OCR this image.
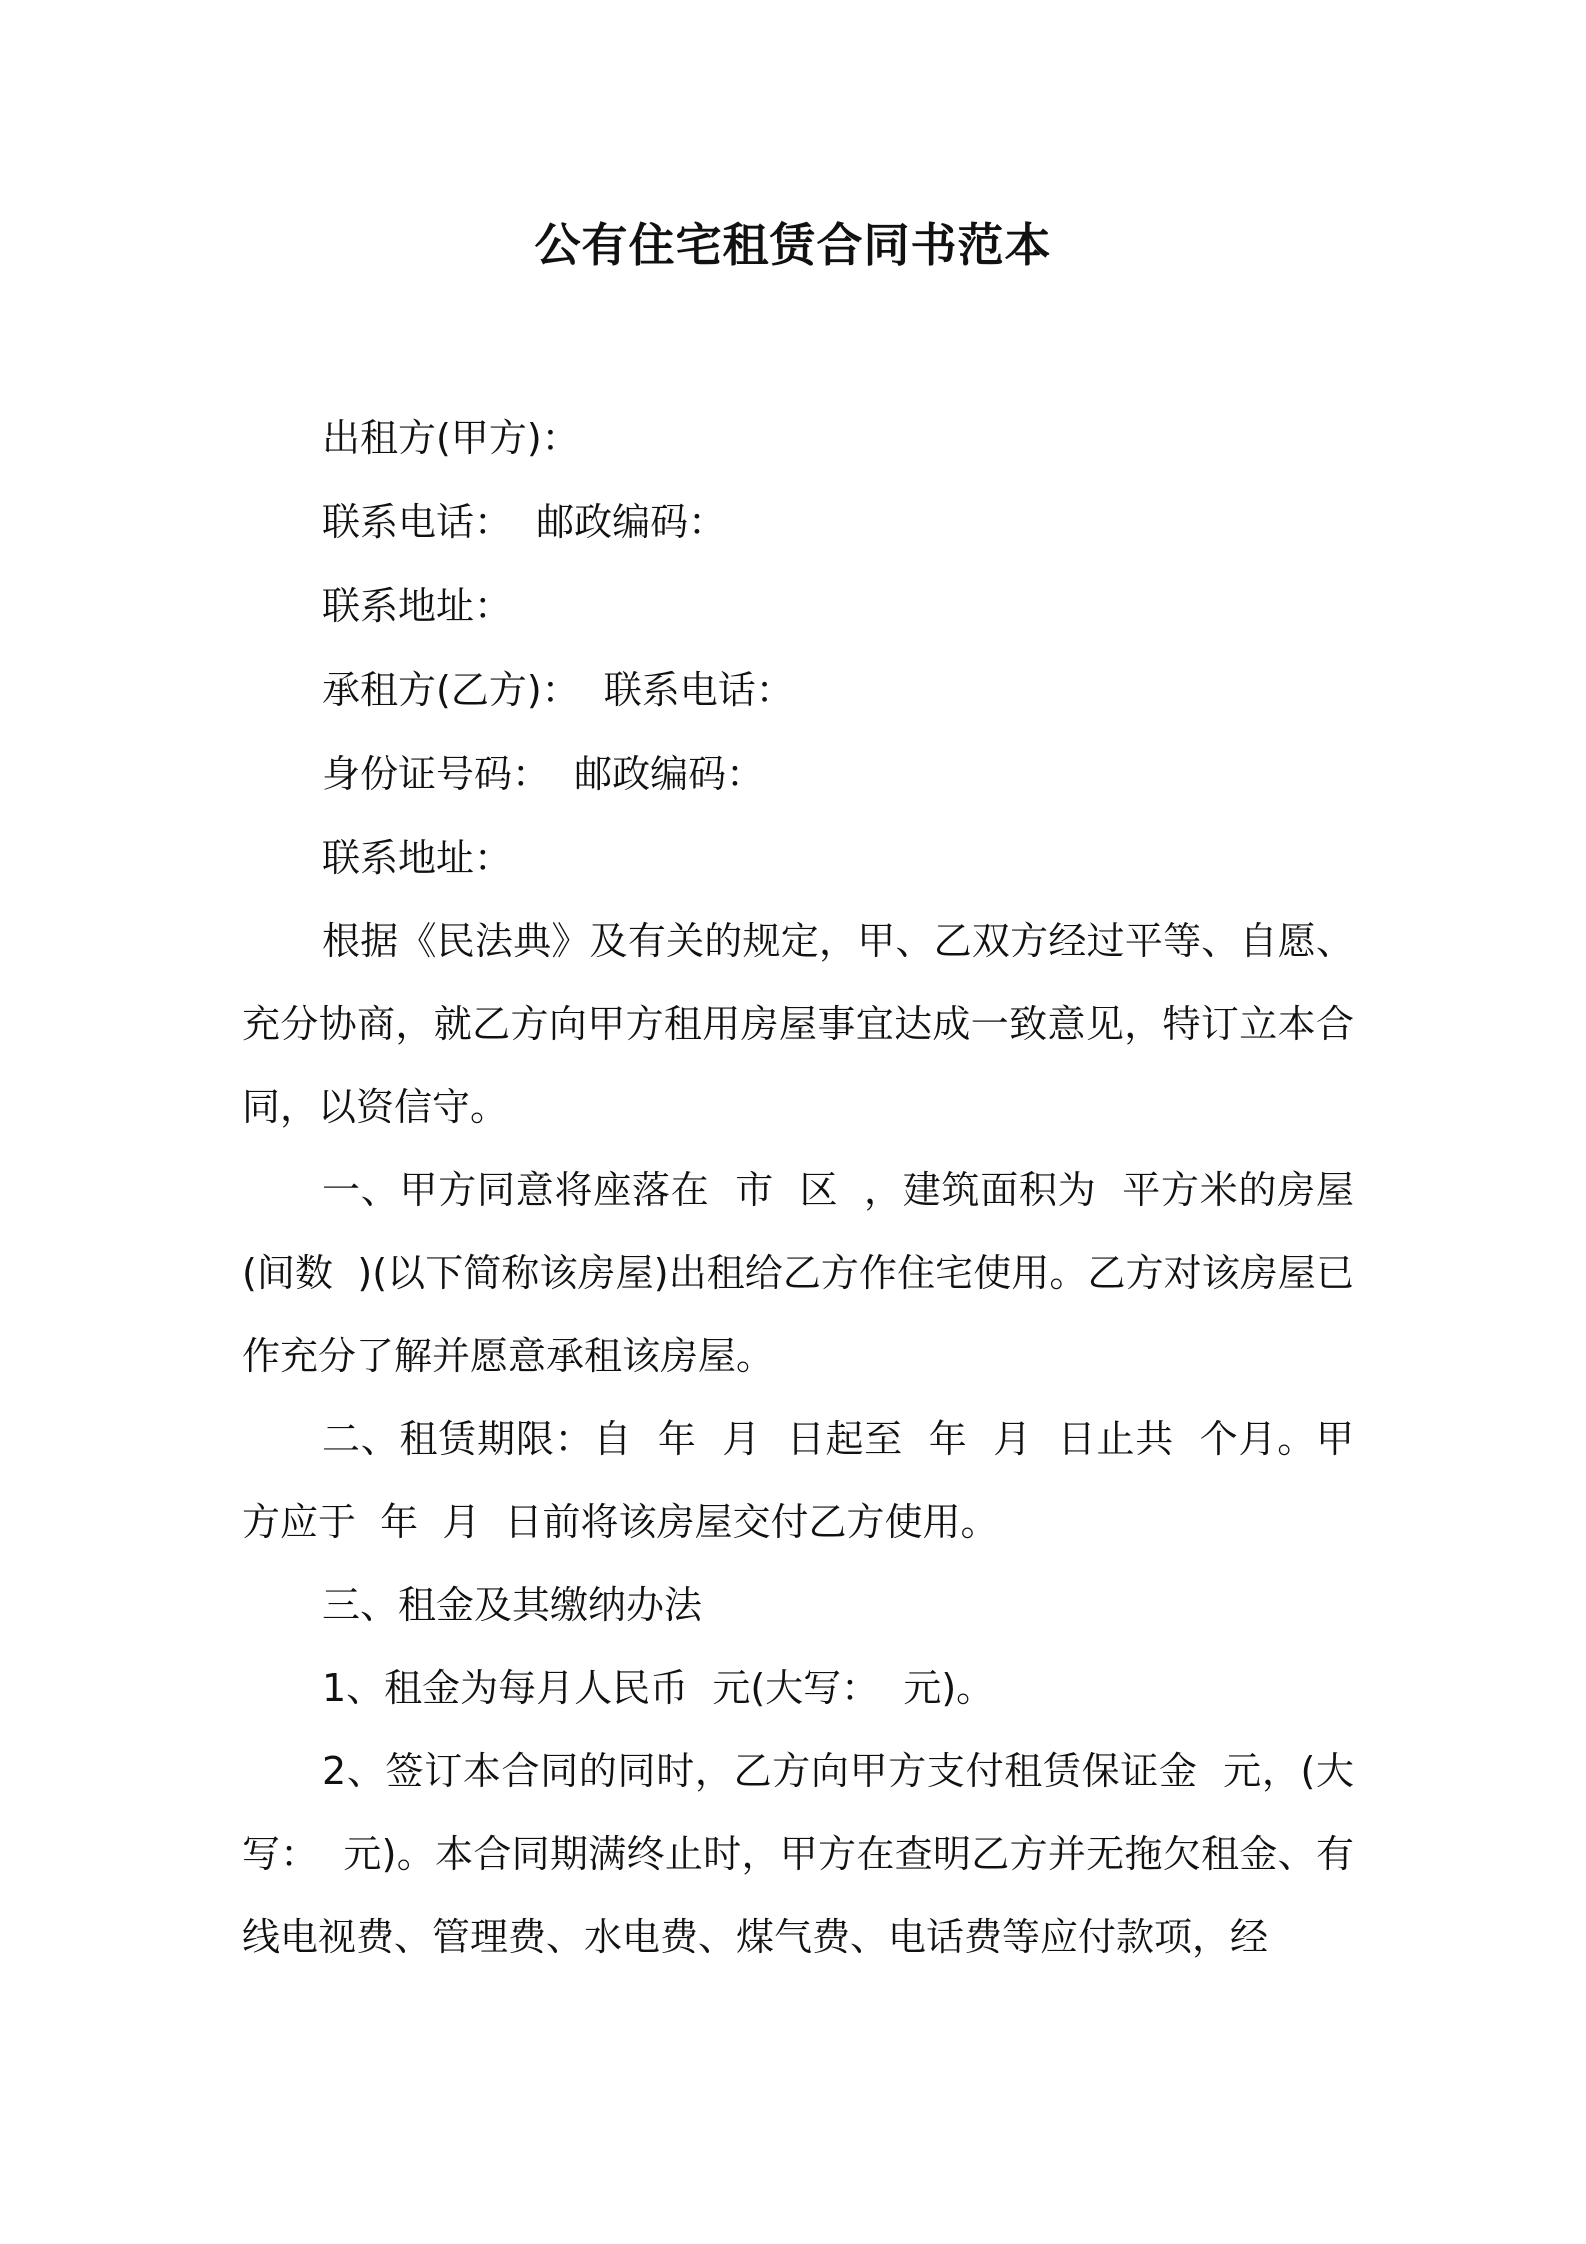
公有住宅租赁合同书范本
出租方(甲方)：
联系电话：  邮政编码：
联系地址：
承租方(乙方)：  联系电话：
身份证号码：  邮政编码：
联系地址：

根据《民法典》及有关的规定，甲、乙双方经过平等、自愿、充分协商，就乙方向甲方租用房屋事宜达成一致意见，特订立本合同，以资信守。

一、甲方同意将座落在  市  区  ，建筑面积为  平方米的房屋(间数  )(以下简称该房屋)出租给乙方作住宅使用。乙方对该房屋已作充分了解并愿意承租该房屋。

二、租赁期限：自  年  月  日起至  年  月  日止共  个月。甲方应于  年  月  日前将该房屋交付乙方使用。

三、租金及其缴纳办法

1、租金为每月人民币  元(大写：  元)。

2、签订本合同的同时，乙方向甲方支付租赁保证金  元，(大写：  元)。本合同期满终止时，甲方在查明乙方并无拖欠租金、有线电视费、管理费、水电费、煤气费、电话费等应付款项，经
